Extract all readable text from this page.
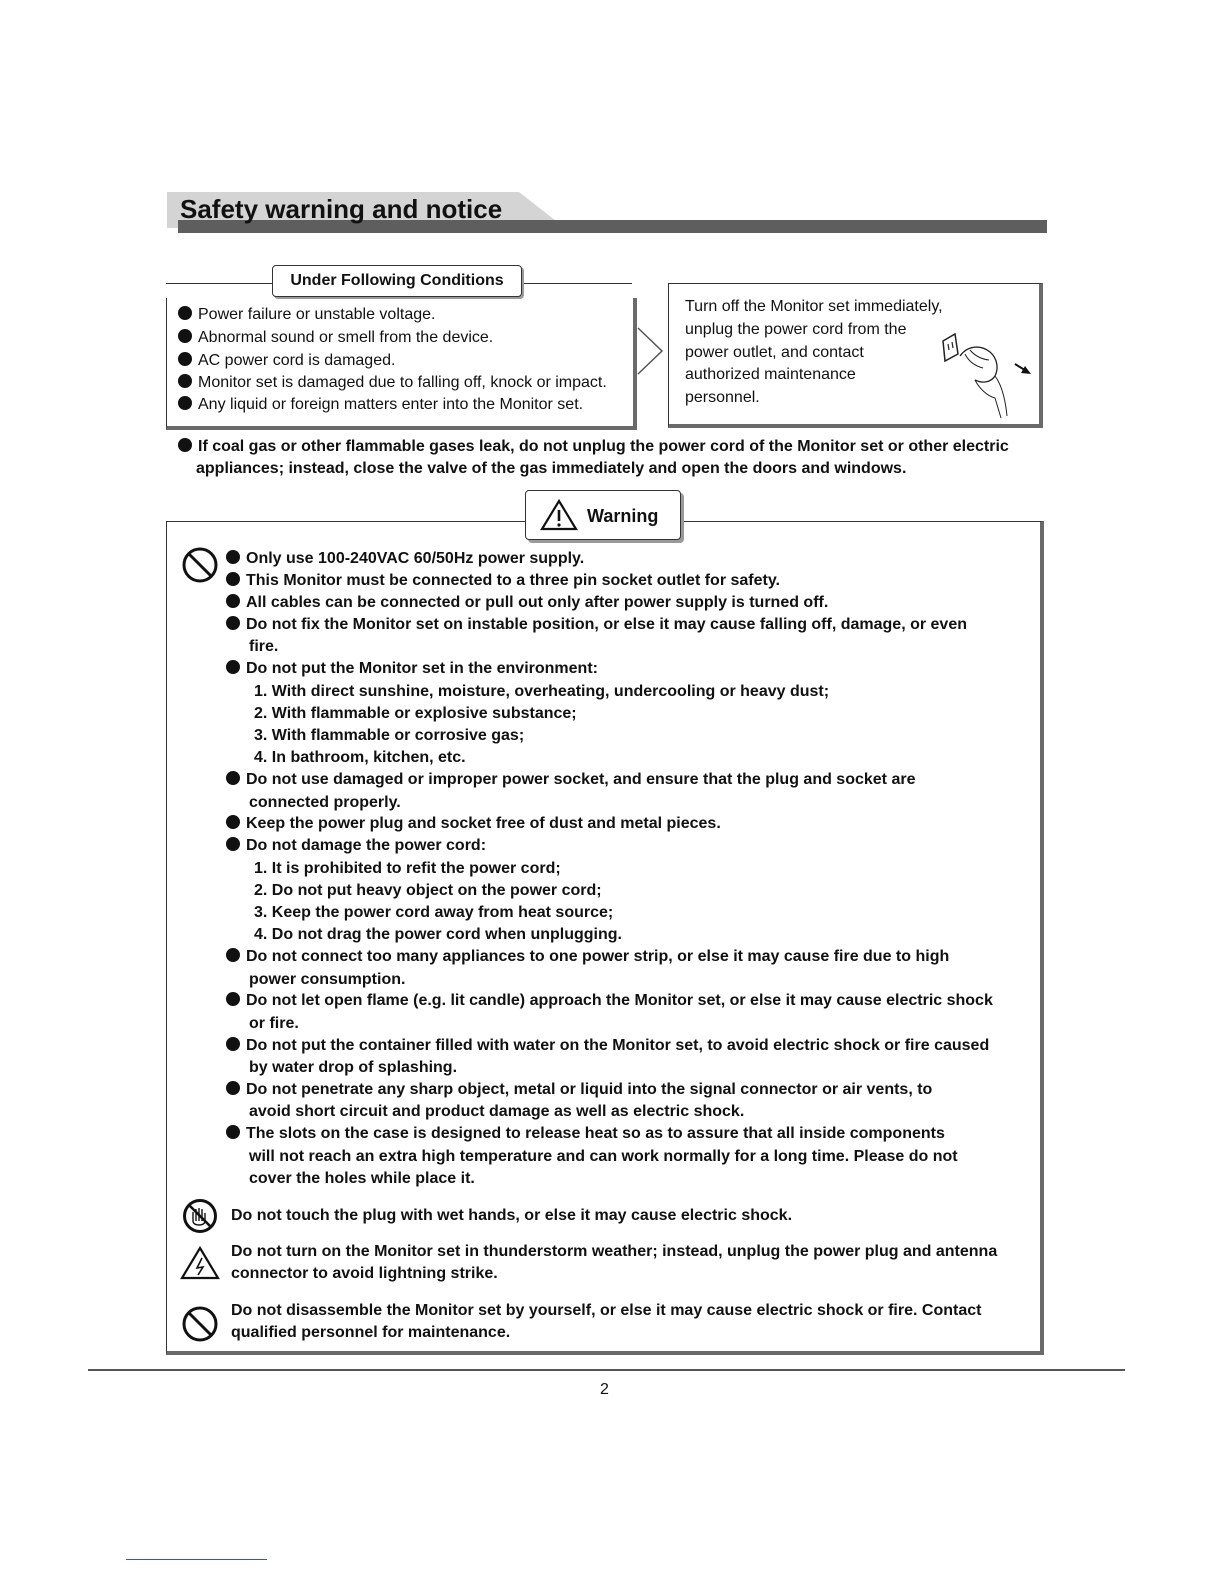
Safety warning and notice
Under Following Conditions
Power failure or unstable voltage.
Abnormal sound or smell from the device.
AC power cord is damaged.
Monitor set is damaged due to falling off, knock or impact.
Any liquid or foreign matters enter into the Monitor set.
Turn off the Monitor set immediately,
unplug the power cord from the
power outlet, and contact
authorized maintenance
personnel.
If coal gas or other flammable gases leak, do not unplug the power cord of the Monitor set or other electric
appliances; instead, close the valve of the gas immediately and open the doors and windows.
Warning
Only use 100-240VAC 60/50Hz power supply.
This Monitor must be connected to a three pin socket outlet for safety.
All cables can be connected or pull out only after power supply is turned off.
Do not fix the Monitor set on instable position, or else it may cause falling off, damage, or even
fire.
Do not put the Monitor set in the environment:
1. With direct sunshine, moisture, overheating, undercooling or heavy dust;
2. With flammable or explosive substance;
3. With flammable or corrosive gas;
4. In bathroom, kitchen, etc.
Do not use damaged or improper power socket, and ensure that the plug and socket are
connected properly.
Keep the power plug and socket free of dust and metal pieces.
Do not damage the power cord:
1. It is prohibited to refit the power cord;
2. Do not put heavy object on the power cord;
3. Keep the power cord away from heat source;
4. Do not drag the power cord when unplugging.
Do not connect too many appliances to one power strip, or else it may cause fire due to high
power consumption.
Do not let open flame (e.g. lit candle) approach the Monitor set, or else it may cause electric shock
or fire.
Do not put the container filled with water on the Monitor set, to avoid electric shock or fire caused
by water drop of splashing.
Do not penetrate any sharp object, metal or liquid into the signal connector or air vents, to
avoid short circuit and product damage as well as electric shock.
The slots on the case is designed to release heat so as to assure that all inside components
will not reach an extra high temperature and can work normally for a long time. Please do not
cover the holes while place it.
Do not touch the plug with wet hands, or else it may cause electric shock.
Do not turn on the Monitor set in thunderstorm weather; instead, unplug the power plug and antenna
connector to avoid lightning strike.
Do not disassemble the Monitor set by yourself, or else it may cause electric shock or fire. Contact
qualified personnel for maintenance.
2
